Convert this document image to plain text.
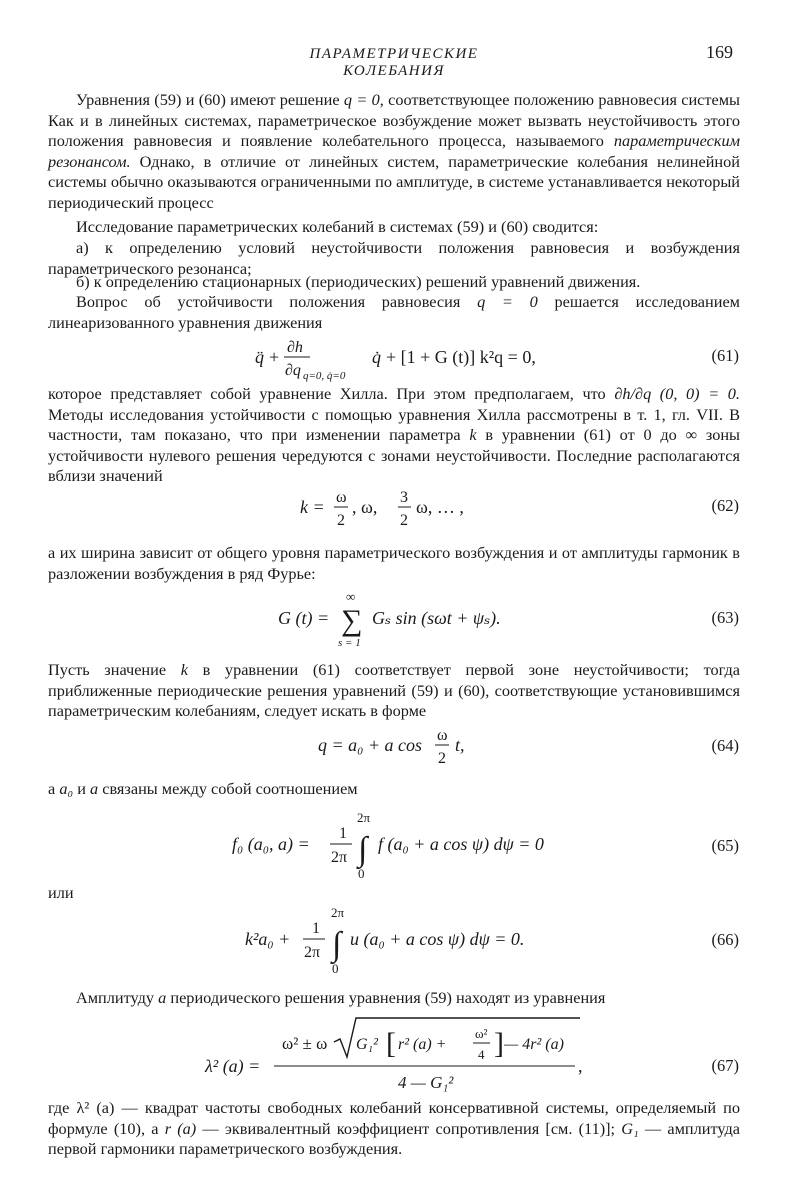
ПАРАМЕТРИЧЕСКИЕ КОЛЕБАНИЯ
169
Уравнения (59) и (60) имеют решение q = 0, соответствующее положению равновесия системы Как и в линейных системах, параметрическое возбуждение может вызвать неустойчивость этого положения равновесия и появление колебательного процесса, называемого параметрическим резонансом. Однако, в отличие от линейных систем, параметрические колебания нелинейной системы обычно оказываются ограниченными по амплитуде, в системе устанавливается некоторый периодический процесс
Исследование параметрических колебаний в системах (59) и (60) сводится:
а) к определению условий неустойчивости положения равновесия и возбуждения параметрического резонанса;
б) к определению стационарных (периодических) решений уравнений движения.
Вопрос об устойчивости положения равновесия q = 0 решается исследованием линеаризованного уравнения движения
q̈ + ∂h
∂q q=0, q̇=0
q̇ + [1 + G (t)] k²q = 0,	(61)
которое представляет собой уравнение Хилла. При этом предполагаем, что ∂h/∂q (0, 0) = 0. Методы исследования устойчивости с помощью уравнения Хилла рассмотрены в т. 1, гл. VII. В частности, там показано, что при изменении параметра k в уравнении (61) от 0 до ∞ зоны устойчивости нулевого решения чередуются с зонами неустойчивости. Последние располагаются вблизи значений
k = ω
2
, ω, 3
2
ω, … ,	(62)
а их ширина зависит от общего уровня параметрического возбуждения и от амплитуды гармоник в разложении возбуждения в ряд Фурье:
G (t) =
∞
∑
s = 1
Gₛ sin (sωt + ψₛ).	(63)
Пусть значение k в уравнении (61) соответствует первой зоне неустойчивости; тогда приближенные периодические решения уравнений (59) и (60), соответствующие установившимся параметрическим колебаниям, следует искать в форме
q = a₀ + a cos ω
2
t,	(64)
a a₀ и a связаны между собой соотношением
f₀ (a₀, a) =
1
2π
2π
∫
0
f (a₀ + a cos ψ) dψ = 0	(65)
или
k²a₀ +
1
2π
2π
∫
0
u (a₀ + a cos ψ) dψ = 0.	(66)
Амплитуду a периодического решения уравнения (59) находят из уравнения
λ² (a) =
ω² ± ω G₁² [ r² (a) +
ω²
4 ] — 4r² (a)
4 — G₁²
,	(67)
где λ² (a) — квадрат частоты свободных колебаний консервативной системы, определяемый по формуле (10), а r (a) — эквивалентный коэффициент сопротивления [см. (11)]; G₁ — амплитуда первой гармоники параметрического возбуждения.
